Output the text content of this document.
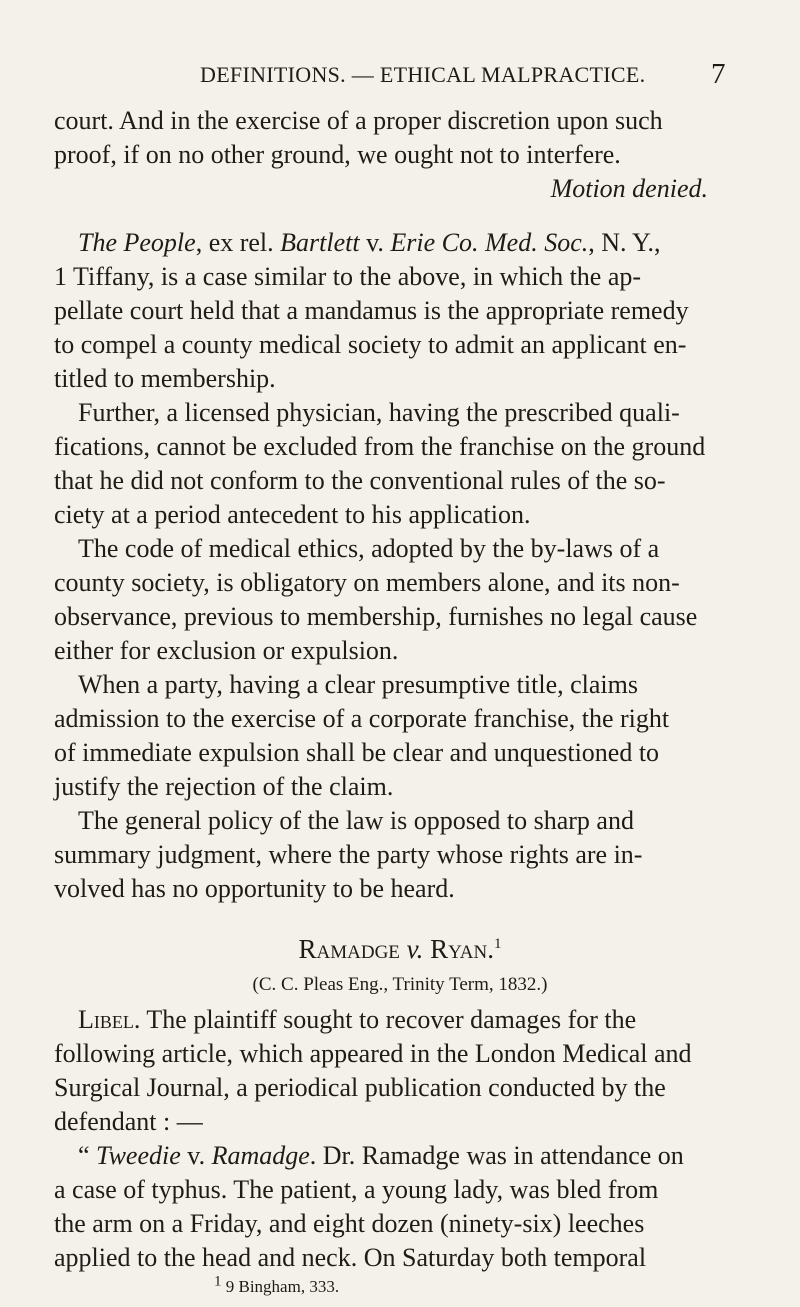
DEFINITIONS. — ETHICAL MALPRACTICE. 7
court. And in the exercise of a proper discretion upon such
proof, if on no other ground, we ought not to interfere.
Motion denied.
The People, ex rel. Bartlett v. Erie Co. Med. Soc., N. Y.,
1 Tiffany, is a case similar to the above, in which the ap-
pellate court held that a mandamus is the appropriate remedy
to compel a county medical society to admit an applicant en-
titled to membership.
Further, a licensed physician, having the prescribed quali-
fications, cannot be excluded from the franchise on the ground
that he did not conform to the conventional rules of the so-
ciety at a period antecedent to his application.
The code of medical ethics, adopted by the by-laws of a
county society, is obligatory on members alone, and its non-
observance, previous to membership, furnishes no legal cause
either for exclusion or expulsion.
When a party, having a clear presumptive title, claims
admission to the exercise of a corporate franchise, the right
of immediate expulsion shall be clear and unquestioned to
justify the rejection of the claim.
The general policy of the law is opposed to sharp and
summary judgment, where the party whose rights are in-
volved has no opportunity to be heard.
Ramadge v. Ryan.$^1$
(C. C. Pleas Eng., Trinity Term, 1832.)
Libel. The plaintiff sought to recover damages for the
following article, which appeared in the London Medical and
Surgical Journal, a periodical publication conducted by the
defendant : —
“ Tweedie v. Ramadge. Dr. Ramadge was in attendance on
a case of typhus. The patient, a young lady, was bled from
the arm on a Friday, and eight dozen (ninety-six) leeches
applied to the head and neck. On Saturday both temporal
$^1$ 9 Bingham, 333.
